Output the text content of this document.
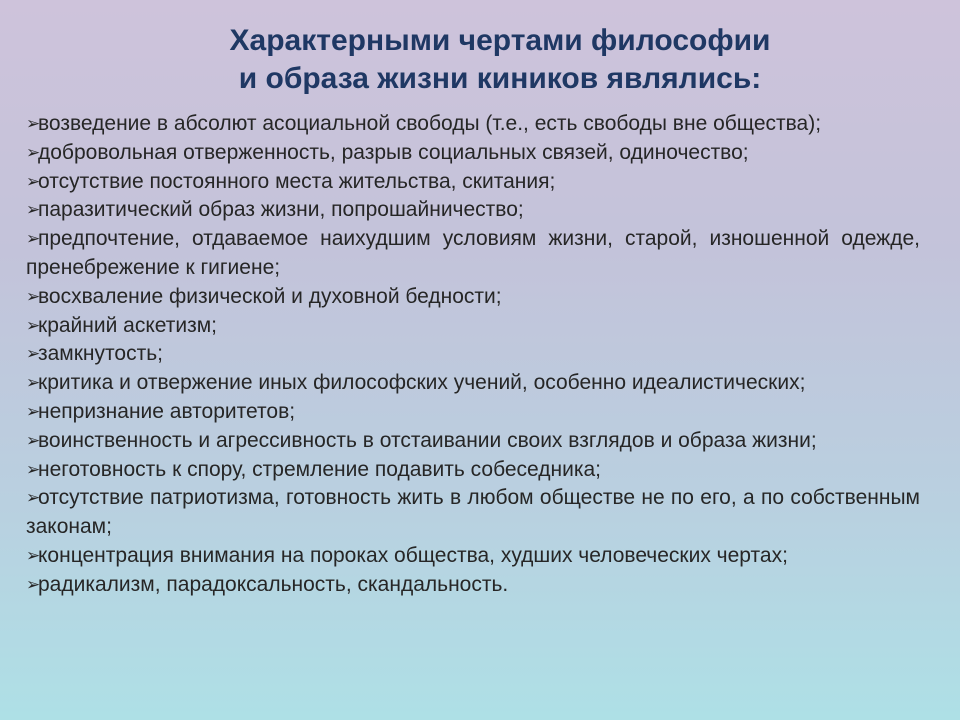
Характерными чертами философии
и образа жизни киников являлись:
➢возведение в абсолют асоциальной свободы (т.е., есть свободы вне общества);
➢добровольная отверженность, разрыв социальных связей, одиночество;
➢отсутствие постоянного места жительства, скитания;
➢паразитический образ жизни, попрошайничество;
➢предпочтение, отдаваемое наихудшим условиям жизни, старой, изношенной одежде, пренебрежение к гигиене;
➢восхваление физической и духовной бедности;
➢крайний аскетизм;
➢замкнутость;
➢критика и отвержение иных философских учений, особенно идеалистических;
➢непризнание авторитетов;
➢воинственность и агрессивность в отстаивании своих взглядов и образа жизни;
➢неготовность к спору, стремление подавить собеседника;
➢отсутствие патриотизма, готовность жить в любом обществе не по его, а по собственным законам;
➢концентрация внимания на пороках общества, худших человеческих чертах;
➢радикализм, парадоксальность, скандальность.
